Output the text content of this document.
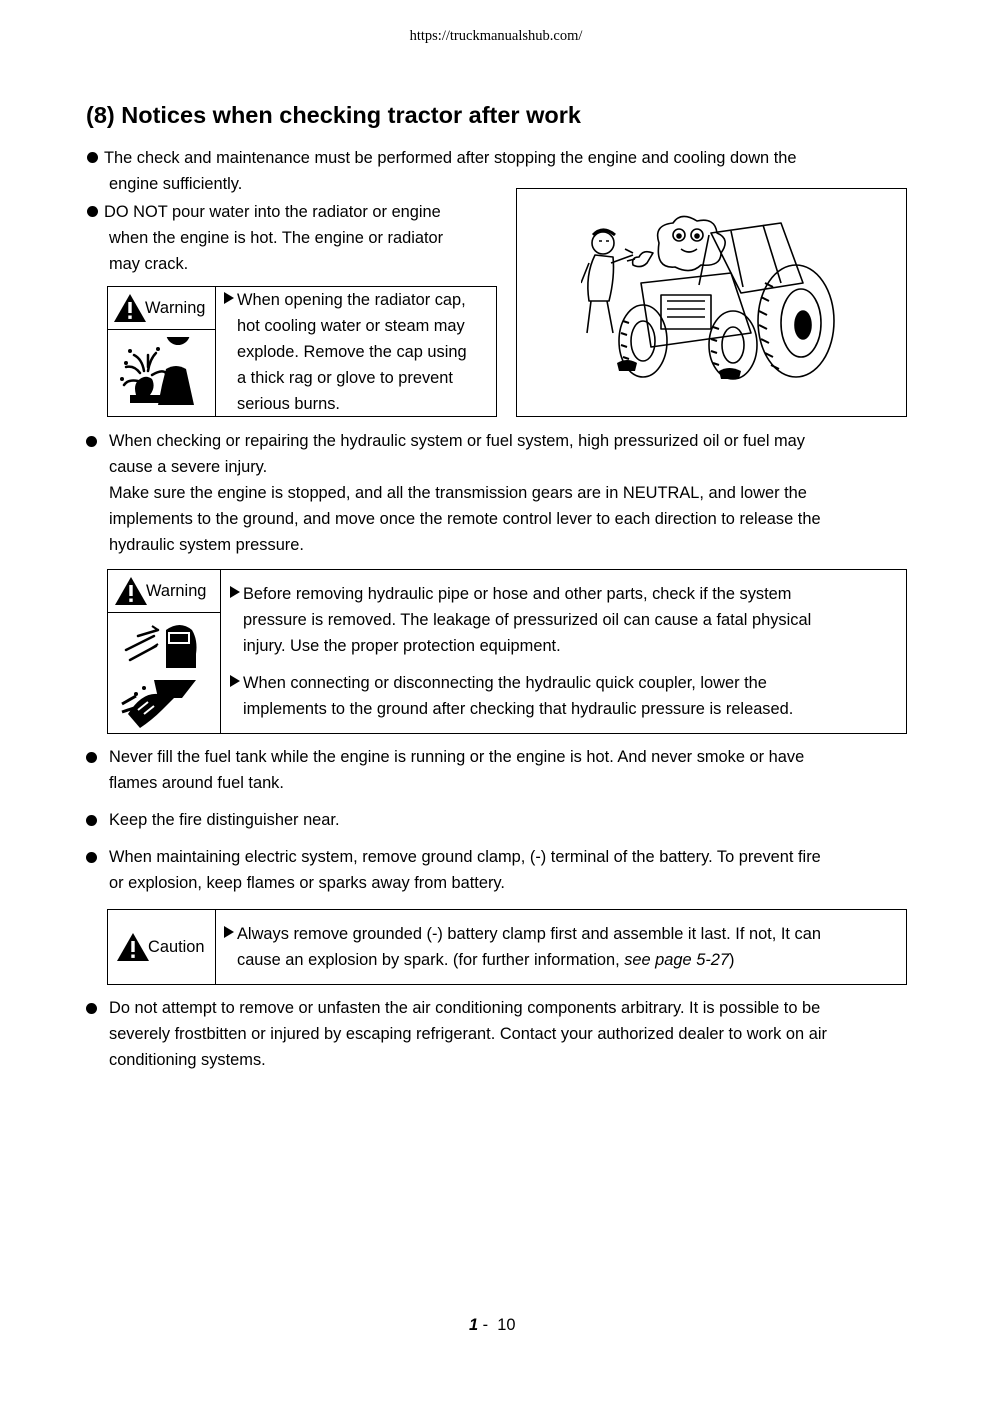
https://truckmanualshub.com/
(8) Notices when checking tractor after work
The check and maintenance must be performed after stopping the engine and cooling down the
engine sufficiently.
DO NOT pour water into the radiator or engine
when the engine is hot. The engine or radiator
may crack.
Warning	When opening the radiator cap,
hot cooling water or steam may
explode. Remove the cap using
a thick rag or glove to prevent
serious burns.
When checking or repairing the hydraulic system or fuel system, high pressurized oil or fuel may
cause a severe injury.
Make sure the engine is stopped, and all the transmission gears are in NEUTRAL, and lower the
implements to the ground, and move once the remote control lever to each direction to release the
hydraulic system pressure.
Warning	Before removing hydraulic pipe or hose and other parts, check if the system
pressure is removed. The leakage of pressurized oil can cause a fatal physical
injury. Use the proper protection equipment.
When connecting or disconnecting the hydraulic quick coupler, lower the
implements to the ground after checking that hydraulic pressure is released.
Never fill the fuel tank while the engine is running or the engine is hot. And never smoke or have
flames around fuel tank.
Keep the fire distinguisher near.
When maintaining electric system, remove ground clamp, (-) terminal of the battery. To prevent fire
or explosion, keep flames or sparks away from battery.
Caution
Always remove grounded (-) battery clamp first and assemble it last. If not, It can
cause an explosion by spark. (for further information, see page 5-27)
Do not attempt to remove or unfasten the air conditioning components arbitrary. It is possible to be
severely frostbitten or injured by escaping refrigerant. Contact your authorized dealer to work on air
conditioning systems.
1 -  10
